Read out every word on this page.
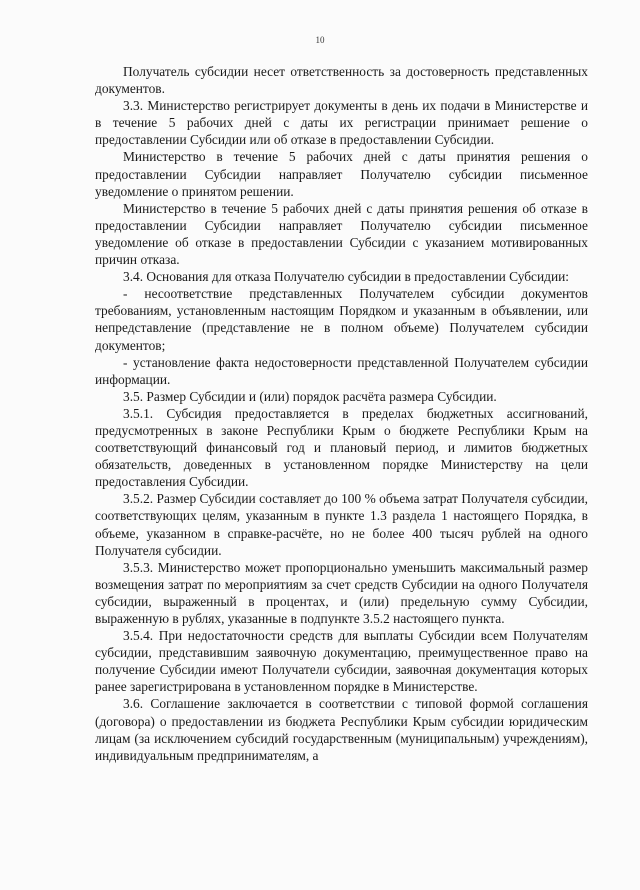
10

Получатель субсидии несет ответственность за достоверность представленных документов.

3.3. Министерство регистрирует документы в день их подачи в Министерстве и в течение 5 рабочих дней с даты их регистрации принимает решение о предоставлении Субсидии или об отказе в предоставлении Субсидии.

Министерство в течение 5 рабочих дней с даты принятия решения о предоставлении Субсидии направляет Получателю субсидии письменное уведомление о принятом решении.

Министерство в течение 5 рабочих дней с даты принятия решения об отказе в предоставлении Субсидии направляет Получателю субсидии письменное уведомление об отказе в предоставлении Субсидии с указанием мотивированных причин отказа.

3.4. Основания для отказа Получателю субсидии в предоставлении Субсидии:

- несоответствие представленных Получателем субсидии документов требованиям, установленным настоящим Порядком и указанным в объявлении, или непредставление (представление не в полном объеме) Получателем субсидии документов;

- установление факта недостоверности представленной Получателем субсидии информации.

3.5. Размер Субсидии и (или) порядок расчёта размера Субсидии.

3.5.1. Субсидия предоставляется в пределах бюджетных ассигнований, предусмотренных в законе Республики Крым о бюджете Республики Крым на соответствующий финансовый год и плановый период, и лимитов бюджетных обязательств, доведенных в установленном порядке Министерству на цели предоставления Субсидии.

3.5.2. Размер Субсидии составляет до 100 % объема затрат Получателя субсидии, соответствующих целям, указанным в пункте 1.3 раздела 1 настоящего Порядка, в объеме, указанном в справке-расчёте, но не более 400 тысяч рублей на одного Получателя субсидии.

3.5.3. Министерство может пропорционально уменьшить максимальный размер возмещения затрат по мероприятиям за счет средств Субсидии на одного Получателя субсидии, выраженный в процентах, и (или) предельную сумму Субсидии, выраженную в рублях, указанные в подпункте 3.5.2 настоящего пункта.

3.5.4. При недостаточности средств для выплаты Субсидии всем Получателям субсидии, представившим заявочную документацию, преимущественное право на получение Субсидии имеют Получатели субсидии, заявочная документация которых ранее зарегистрирована в установленном порядке в Министерстве.

3.6. Соглашение заключается в соответствии с типовой формой соглашения (договора) о предоставлении из бюджета Республики Крым субсидии юридическим лицам (за исключением субсидий государственным (муниципальным) учреждениям), индивидуальным предпринимателям, а
